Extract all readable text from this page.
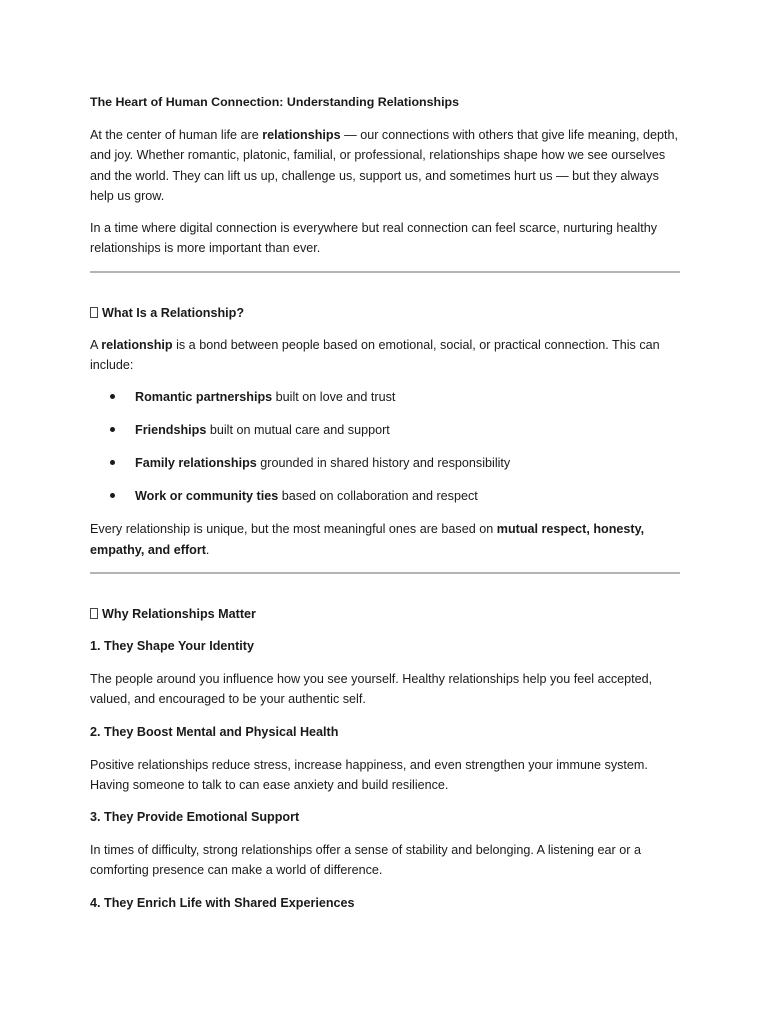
The Heart of Human Connection: Understanding Relationships

At the center of human life are relationships — our connections with others that give life meaning, depth, and joy. Whether romantic, platonic, familial, or professional, relationships shape how we see ourselves and the world. They can lift us up, challenge us, support us, and sometimes hurt us — but they always help us grow.

In a time where digital connection is everywhere but real connection can feel scarce, nurturing healthy relationships is more important than ever.

What Is a Relationship?

A relationship is a bond between people based on emotional, social, or practical connection. This can include:

Romantic partnerships built on love and trust
Friendships built on mutual care and support
Family relationships grounded in shared history and responsibility
Work or community ties based on collaboration and respect

Every relationship is unique, but the most meaningful ones are based on mutual respect, honesty, empathy, and effort.

Why Relationships Matter
1. They Shape Your Identity

The people around you influence how you see yourself. Healthy relationships help you feel accepted, valued, and encouraged to be your authentic self.

2. They Boost Mental and Physical Health

Positive relationships reduce stress, increase happiness, and even strengthen your immune system. Having someone to talk to can ease anxiety and build resilience.

3. They Provide Emotional Support

In times of difficulty, strong relationships offer a sense of stability and belonging. A listening ear or a comforting presence can make a world of difference.

4. They Enrich Life with Shared Experiences
